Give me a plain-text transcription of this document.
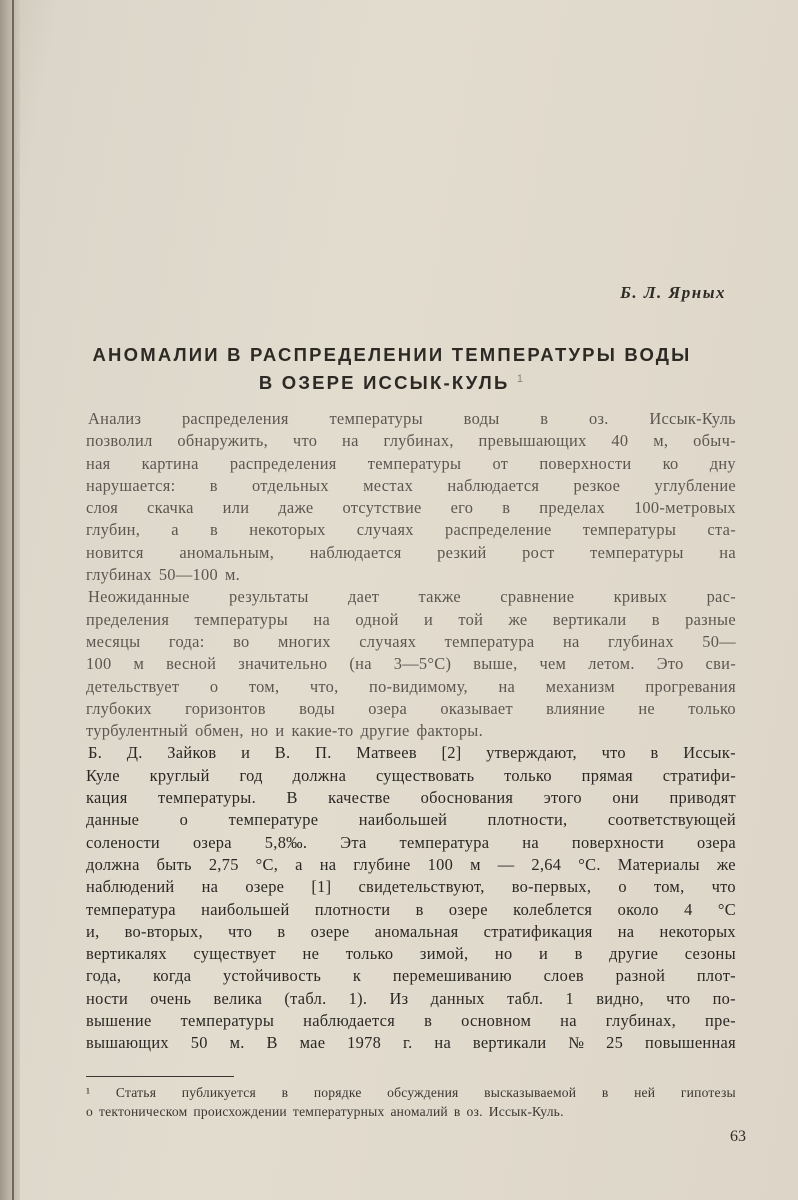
Б. Л. Ярных
АНОМАЛИИ В РАСПРЕДЕЛЕНИИ ТЕМПЕРАТУРЫ ВОДЫ
В ОЗЕРЕ ИССЫК-КУЛЬ $^1$
Анализ распределения температуры воды в оз. Иссык-Куль
позволил обнаружить, что на глубинах, превышающих 40 м, обыч-
ная картина распределения температуры от поверхности ко дну
нарушается: в отдельных местах наблюдается резкое углубление
слоя скачка или даже отсутствие его в пределах 100-метровых
глубин, а в некоторых случаях распределение температуры ста-
новится аномальным, наблюдается резкий рост температуры на
глубинах 50—100 м.
Неожиданные результаты дает также сравнение кривых рас-
пределения температуры на одной и той же вертикали в разные
месяцы года: во многих случаях температура на глубинах 50—
100 м весной значительно (на 3—5°С) выше, чем летом. Это сви-
детельствует о том, что, по-видимому, на механизм прогревания
глубоких горизонтов воды озера оказывает влияние не только
турбулентный обмен, но и какие-то другие факторы.
Б. Д. Зайков и В. П. Матвеев [2] утверждают, что в Иссык-
Куле круглый год должна существовать только прямая стратифи-
кация температуры. В качестве обоснования этого они приводят
данные о температуре наибольшей плотности, соответствующей
солености озера 5,8‰. Эта температура на поверхности озера
должна быть 2,75 °С, а на глубине 100 м — 2,64 °С. Материалы же
наблюдений на озере [1] свидетельствуют, во-первых, о том, что
температура наибольшей плотности в озере колеблется около 4 °С
и, во-вторых, что в озере аномальная стратификация на некоторых
вертикалях существует не только зимой, но и в другие сезоны
года, когда устойчивость к перемешиванию слоев разной плот-
ности очень велика (табл. 1). Из данных табл. 1 видно, что по-
вышение температуры наблюдается в основном на глубинах, пре-
вышающих 50 м. В мае 1978 г. на вертикали № 25 повышенная
¹ Статья публикуется в порядке обсуждения высказываемой в ней гипотезы
о тектоническом происхождении температурных аномалий в оз. Иссык-Куль.
63
